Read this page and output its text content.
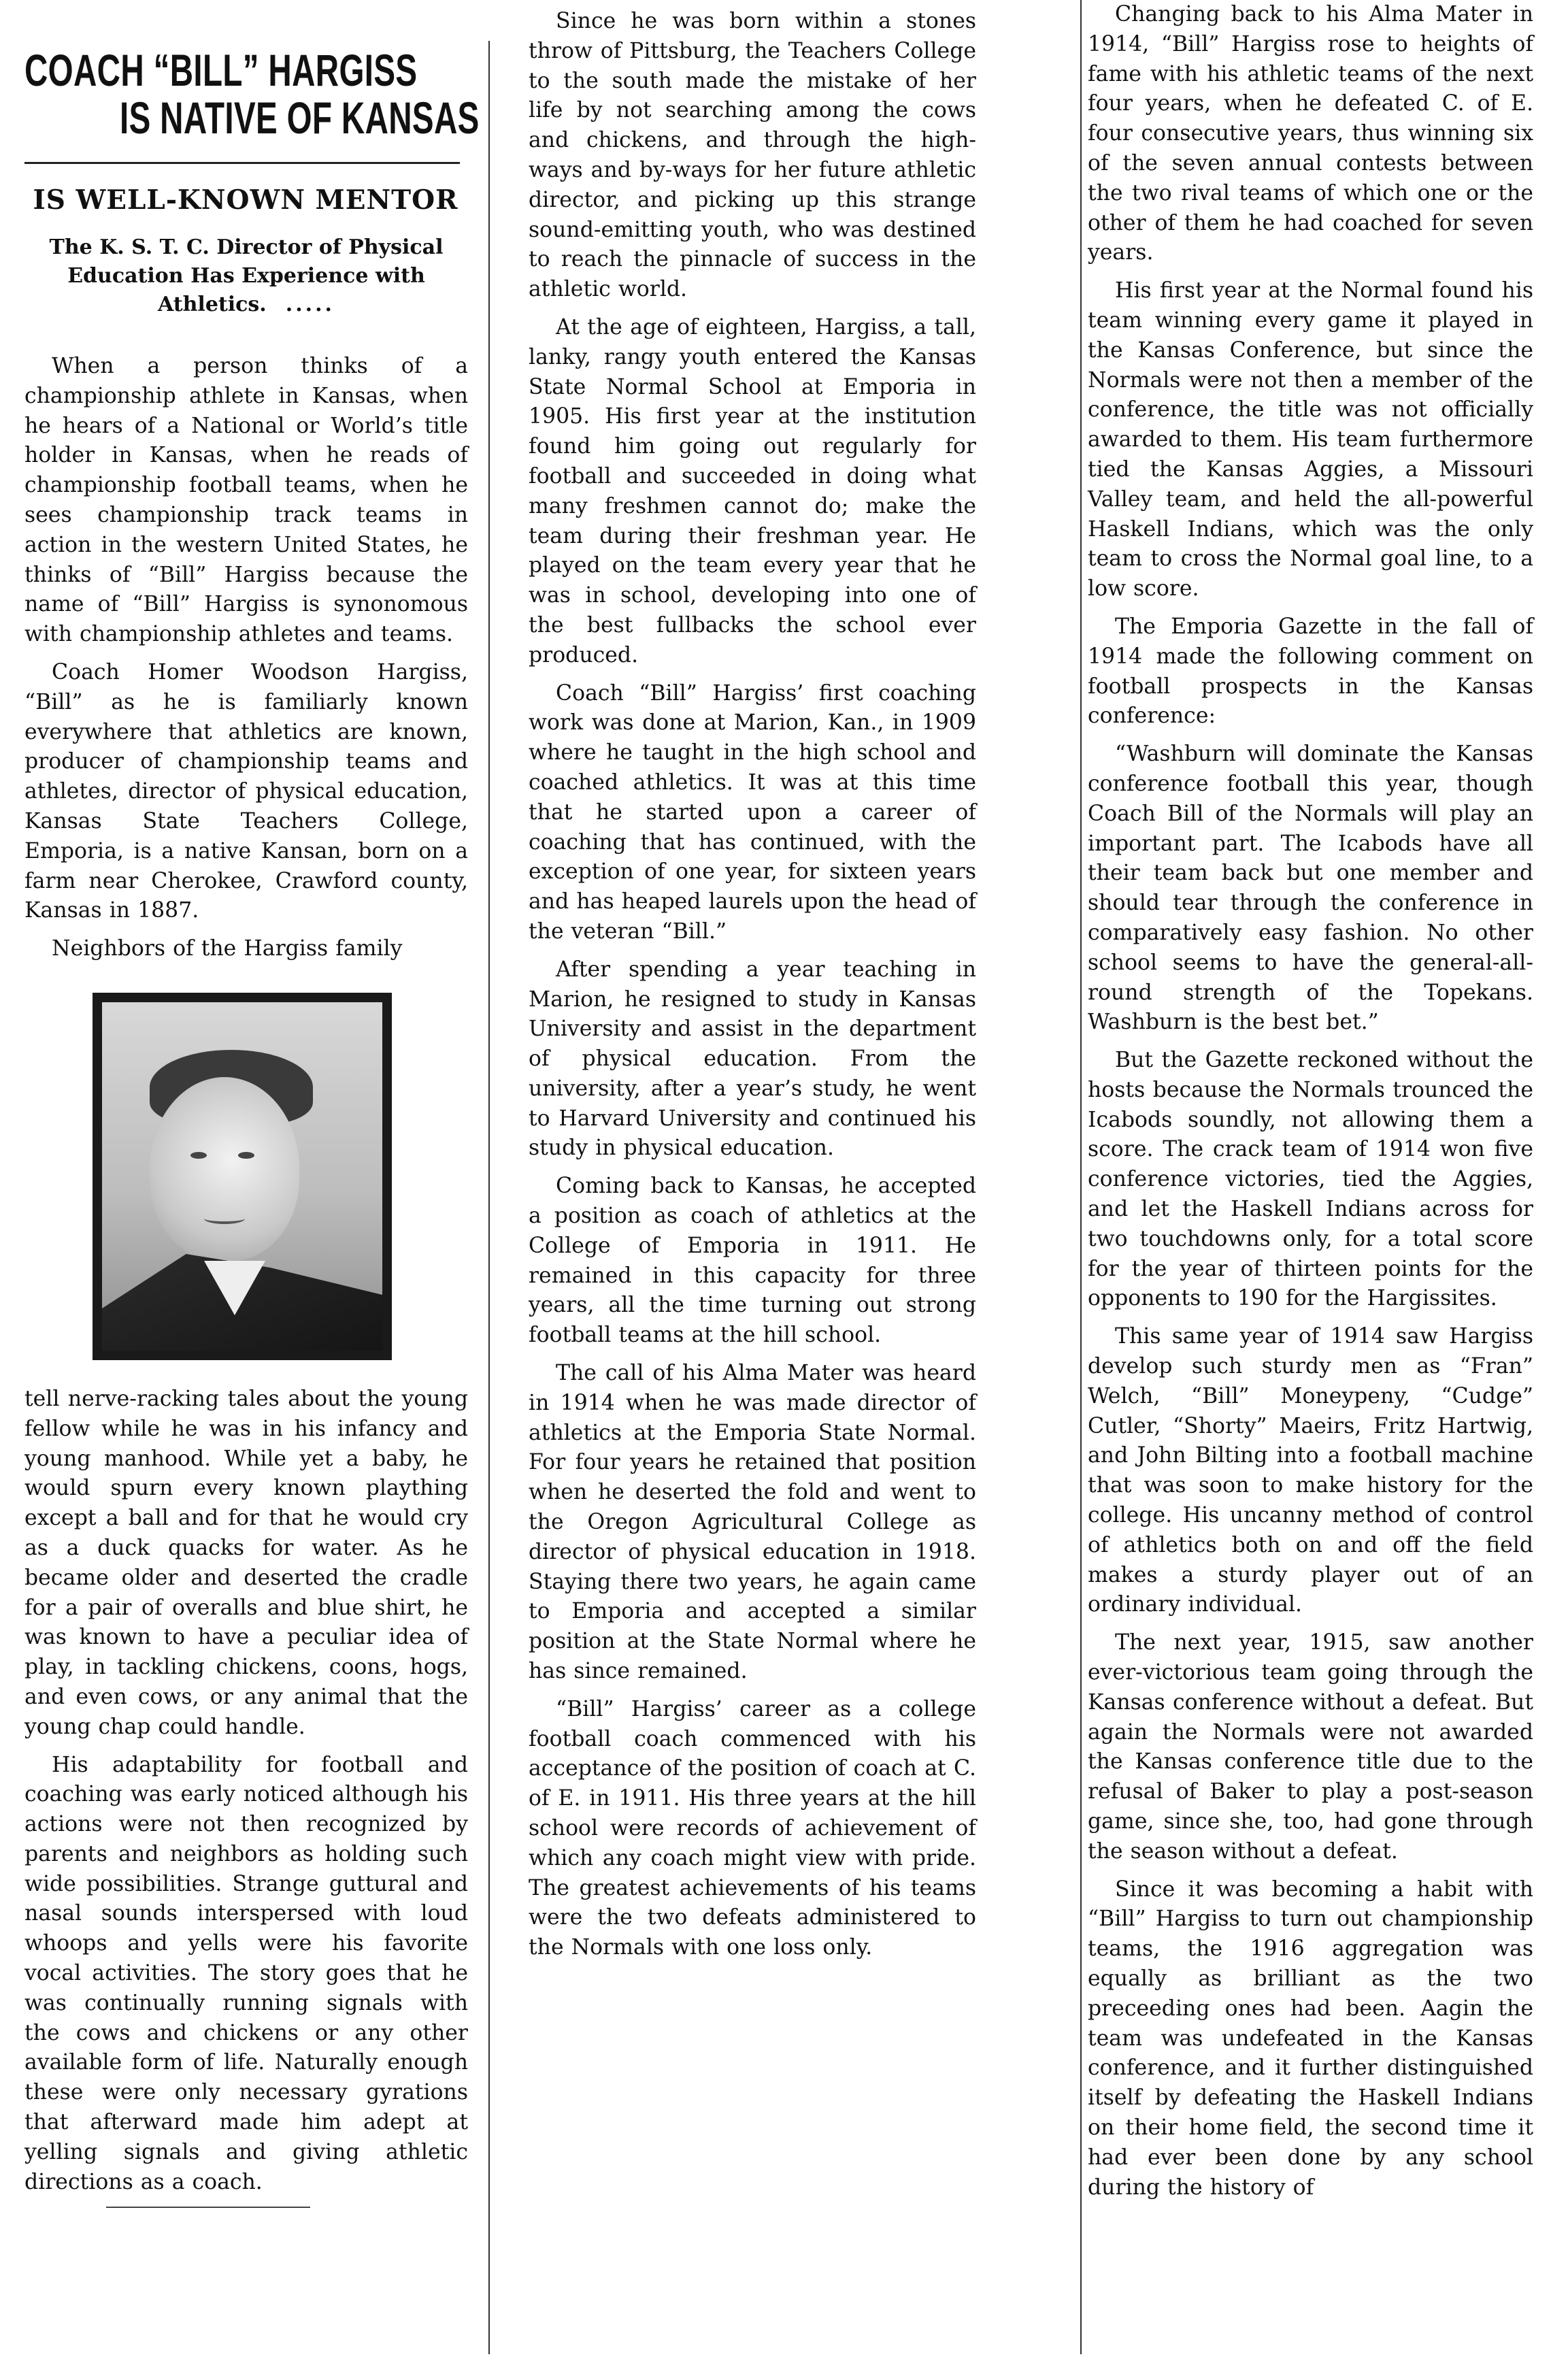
COACH “BILL” HARGISS
IS NATIVE OF KANSAS
IS WELL-KNOWN MENTOR
The K. S. T. C. Director of Physical Education Has Experience with Athletics. .....

When a person thinks of a championship athlete in Kansas, when he hears of a National or World’s title holder in Kansas, when he reads of championship football teams, when he sees championship track teams in action in the western United States, he thinks of “Bill” Hargiss because the name of “Bill” Hargiss is synonomous with championship athletes and teams.

Coach Homer Woodson Hargiss, “Bill” as he is familiarly known everywhere that athletics are known, producer of championship teams and athletes, director of physical education, Kansas State Teachers College, Emporia, is a native Kansan, born on a farm near Cherokee, Crawford county, Kansas in 1887.

Neighbors of the Hargiss family

tell nerve-racking tales about the young fellow while he was in his infancy and young manhood. While yet a baby, he would spurn every known plaything except a ball and for that he would cry as a duck quacks for water. As he became older and deserted the cradle for a pair of overalls and blue shirt, he was known to have a peculiar idea of play, in tackling chickens, coons, hogs, and even cows, or any animal that the young chap could handle.

His adaptability for football and coaching was early noticed although his actions were not then recognized by parents and neighbors as holding such wide possibilities. Strange guttural and nasal sounds interspersed with loud whoops and yells were his favorite vocal activities. The story goes that he was continually running signals with the cows and chickens or any other available form of life. Naturally enough these were only necessary gyrations that afterward made him adept at yelling signals and giving athletic directions as a coach.

Since he was born within a stones throw of Pittsburg, the Teachers College to the south made the mistake of her life by not searching among the cows and chickens, and through the high-ways and by-ways for her future athletic director, and picking up this strange sound-emitting youth, who was destined to reach the pinnacle of success in the athletic world.

At the age of eighteen, Hargiss, a tall, lanky, rangy youth entered the Kansas State Normal School at Emporia in 1905. His first year at the institution found him going out regularly for football and succeeded in doing what many freshmen cannot do; make the team during their freshman year. He played on the team every year that he was in school, developing into one of the best fullbacks the school ever produced.

Coach “Bill” Hargiss’ first coaching work was done at Marion, Kan., in 1909 where he taught in the high school and coached athletics. It was at this time that he started upon a career of coaching that has continued, with the exception of one year, for sixteen years and has heaped laurels upon the head of the veteran “Bill.”

After spending a year teaching in Marion, he resigned to study in Kansas University and assist in the department of physical education. From the university, after a year’s study, he went to Harvard University and continued his study in physical education.

Coming back to Kansas, he accepted a position as coach of athletics at the College of Emporia in 1911. He remained in this capacity for three years, all the time turning out strong football teams at the hill school.

The call of his Alma Mater was heard in 1914 when he was made director of athletics at the Emporia State Normal. For four years he retained that position when he deserted the fold and went to the Oregon Agricultural College as director of physical education in 1918. Staying there two years, he again came to Emporia and accepted a similar position at the State Normal where he has since remained.

“Bill” Hargiss’ career as a college football coach commenced with his acceptance of the position of coach at C. of E. in 1911. His three years at the hill school were records of achievement of which any coach might view with pride. The greatest achievements of his teams were the two defeats administered to the Normals with one loss only.

Changing back to his Alma Mater in 1914, “Bill” Hargiss rose to heights of fame with his athletic teams of the next four years, when he defeated C. of E. four consecutive years, thus winning six of the seven annual contests between the two rival teams of which one or the other of them he had coached for seven years.

His first year at the Normal found his team winning every game it played in the Kansas Conference, but since the Normals were not then a member of the conference, the title was not officially awarded to them. His team furthermore tied the Kansas Aggies, a Missouri Valley team, and held the all-powerful Haskell Indians, which was the only team to cross the Normal goal line, to a low score.

The Emporia Gazette in the fall of 1914 made the following comment on football prospects in the Kansas conference:

“Washburn will dominate the Kansas conference football this year, though Coach Bill of the Normals will play an important part. The Icabods have all their team back but one member and should tear through the conference in comparatively easy fashion. No other school seems to have the general-all-round strength of the Topekans. Washburn is the best bet.”

But the Gazette reckoned without the hosts because the Normals trounced the Icabods soundly, not allowing them a score. The crack team of 1914 won five conference victories, tied the Aggies, and let the Haskell Indians across for two touchdowns only, for a total score for the year of thirteen points for the opponents to 190 for the Hargissites.

This same year of 1914 saw Hargiss develop such sturdy men as “Fran” Welch, “Bill” Moneypeny, “Cudge” Cutler, “Shorty” Maeirs, Fritz Hartwig, and John Bilting into a football machine that was soon to make history for the college. His uncanny method of control of athletics both on and off the field makes a sturdy player out of an ordinary individual.

The next year, 1915, saw another ever-victorious team going through the Kansas conference without a defeat. But again the Normals were not awarded the Kansas conference title due to the refusal of Baker to play a post-season game, since she, too, had gone through the season without a defeat.

Since it was becoming a habit with “Bill” Hargiss to turn out championship teams, the 1916 aggregation was equally as brilliant as the two preceeding ones had been. Aagin the team was undefeated in the Kansas conference, and it further distinguished itself by defeating the Haskell Indians on their home field, the second time it had ever been done by any school during the history of
